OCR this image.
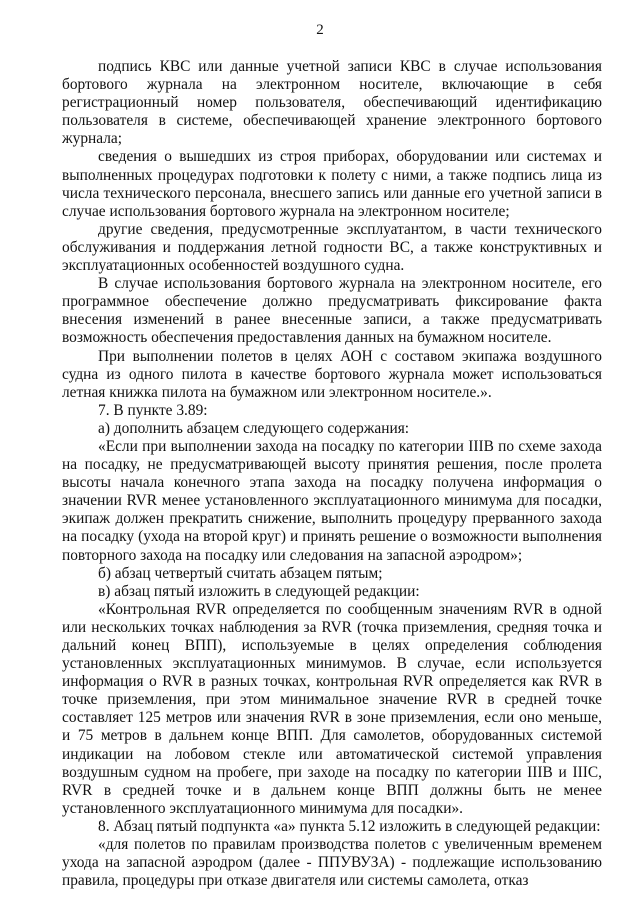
2

подпись КВС или данные учетной записи КВС в случае использования бортового журнала на электронном носителе, включающие в себя регистрационный номер пользователя, обеспечивающий идентификацию пользователя в системе, обеспечивающей хранение электронного бортового журнала;

сведения о вышедших из строя приборах, оборудовании или системах и выполненных процедурах подготовки к полету с ними, а также подпись лица из числа технического персонала, внесшего запись или данные его учетной записи в случае использования бортового журнала на электронном носителе;

другие сведения, предусмотренные эксплуатантом, в части технического обслуживания и поддержания летной годности ВС, а также конструктивных и эксплуатационных особенностей воздушного судна.

В случае использования бортового журнала на электронном носителе, его программное обеспечение должно предусматривать фиксирование факта внесения изменений в ранее внесенные записи, а также предусматривать возможность обеспечения предоставления данных на бумажном носителе.

При выполнении полетов в целях АОН с составом экипажа воздушного судна из одного пилота в качестве бортового журнала может использоваться летная книжка пилота на бумажном или электронном носителе.».

7. В пункте 3.89:

а) дополнить абзацем следующего содержания:

«Если при выполнении захода на посадку по категории IIIВ по схеме захода на посадку, не предусматривающей высоту принятия решения, после пролета высоты начала конечного этапа захода на посадку получена информация о значении RVR менее установленного эксплуатационного минимума для посадки, экипаж должен прекратить снижение, выполнить процедуру прерванного захода на посадку (ухода на второй круг) и принять решение о возможности выполнения повторного захода на посадку или следования на запасной аэродром»;

б) абзац четвертый считать абзацем пятым;

в) абзац пятый изложить в следующей редакции:

«Контрольная RVR определяется по сообщенным значениям RVR в одной или нескольких точках наблюдения за RVR (точка приземления, средняя точка и дальний конец ВПП), используемые в целях определения соблюдения установленных эксплуатационных минимумов. В случае, если используется информация о RVR в разных точках, контрольная RVR определяется как RVR в точке приземления, при этом минимальное значение RVR в средней точке составляет 125 метров или значения RVR в зоне приземления, если оно меньше, и 75 метров в дальнем конце ВПП. Для самолетов, оборудованных системой индикации на лобовом стекле или автоматической системой управления воздушным судном на пробеге, при заходе на посадку по категории IIIВ и IIIС, RVR в средней точке и в дальнем конце ВПП должны быть не менее установленного эксплуатационного минимума для посадки».

8. Абзац пятый подпункта «а» пункта 5.12 изложить в следующей редакции:

«для полетов по правилам производства полетов с увеличенным временем ухода на запасной аэродром (далее - ППУВУЗА) - подлежащие использованию правила, процедуры при отказе двигателя или системы самолета, отказ
